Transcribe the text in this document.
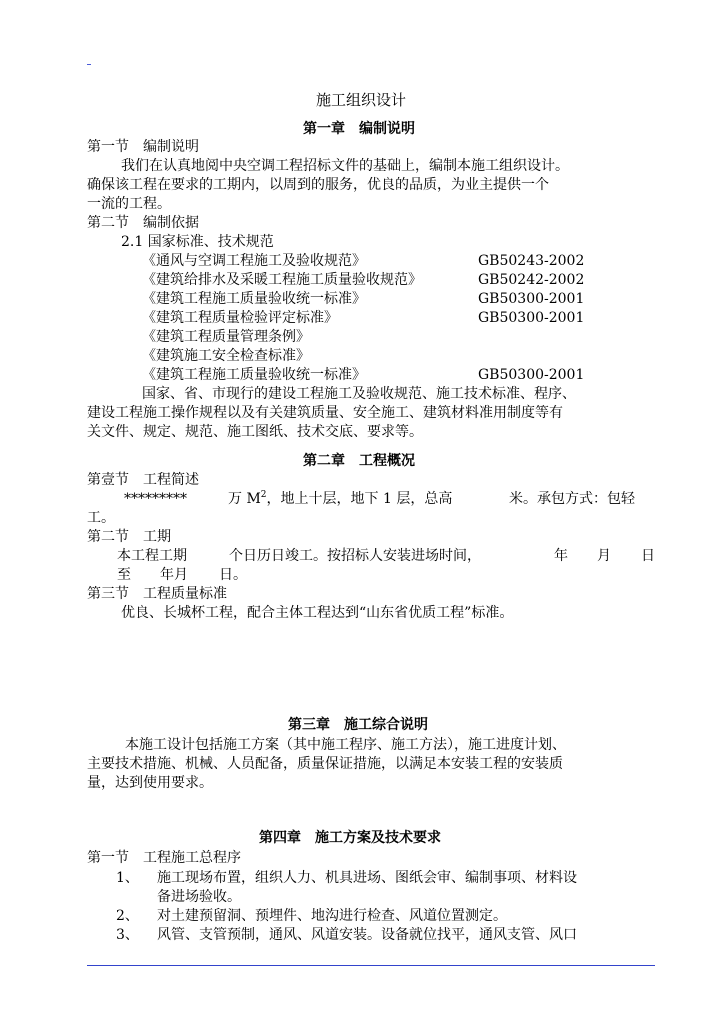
施工组织设计
第一章　编制说明
第一节　编制说明
我们在认真地阅中央空调工程招标文件的基础上，编制本施工组织设计。
确保该工程在要求的工期内，以周到的服务，优良的品质，为业主提供一个
一流的工程。
第二节　编制依据
2.1 国家标准、技术规范
《通风与空调工程施工及验收规范》	GB50243-2002
《建筑给排水及采暖工程施工质量验收规范》	GB50242-2002
《建筑工程施工质量验收统一标准》	GB50300-2001
《建筑工程质量检验评定标准》	GB50300-2001
《建筑工程质量管理条例》
《建筑施工安全检查标准》
《建筑工程施工质量验收统一标准》	GB50300-2001
国家、省、市现行的建设工程施工及验收规范、施工技术标准、程序、
建设工程施工操作规程以及有关建筑质量、安全施工、建筑材料准用制度等有
关文件、规定、规范、施工图纸、技术交底、要求等。
第二章　工程概况
第壹节　工程简述
*********	万 $M^2$，地上十层，地下 1 层，总高	米。承包方式：包轻
工。
第二节　工期
本工程工期	个日历日竣工。按招标人安装进场时间，	年 月 日
至 年月 日。
第三节　工程质量标准
优良、长城杯工程，配合主体工程达到“山东省优质工程”标准。
第三章　施工综合说明
本施工设计包括施工方案（其中施工程序、施工方法），施工进度计划、
主要技术措施、机械、人员配备，质量保证措施，以满足本安装工程的安装质
量，达到使用要求。
第四章　施工方案及技术要求
第一节　工程施工总程序
1、 施工现场布置，组织人力、机具进场、图纸会审、编制事项、材料设
备进场验收。
2、 对土建预留洞、预埋件、地沟进行检查、风道位置测定。
3、 风管、支管预制，通风、风道安装。设备就位找平，通风支管、风口
